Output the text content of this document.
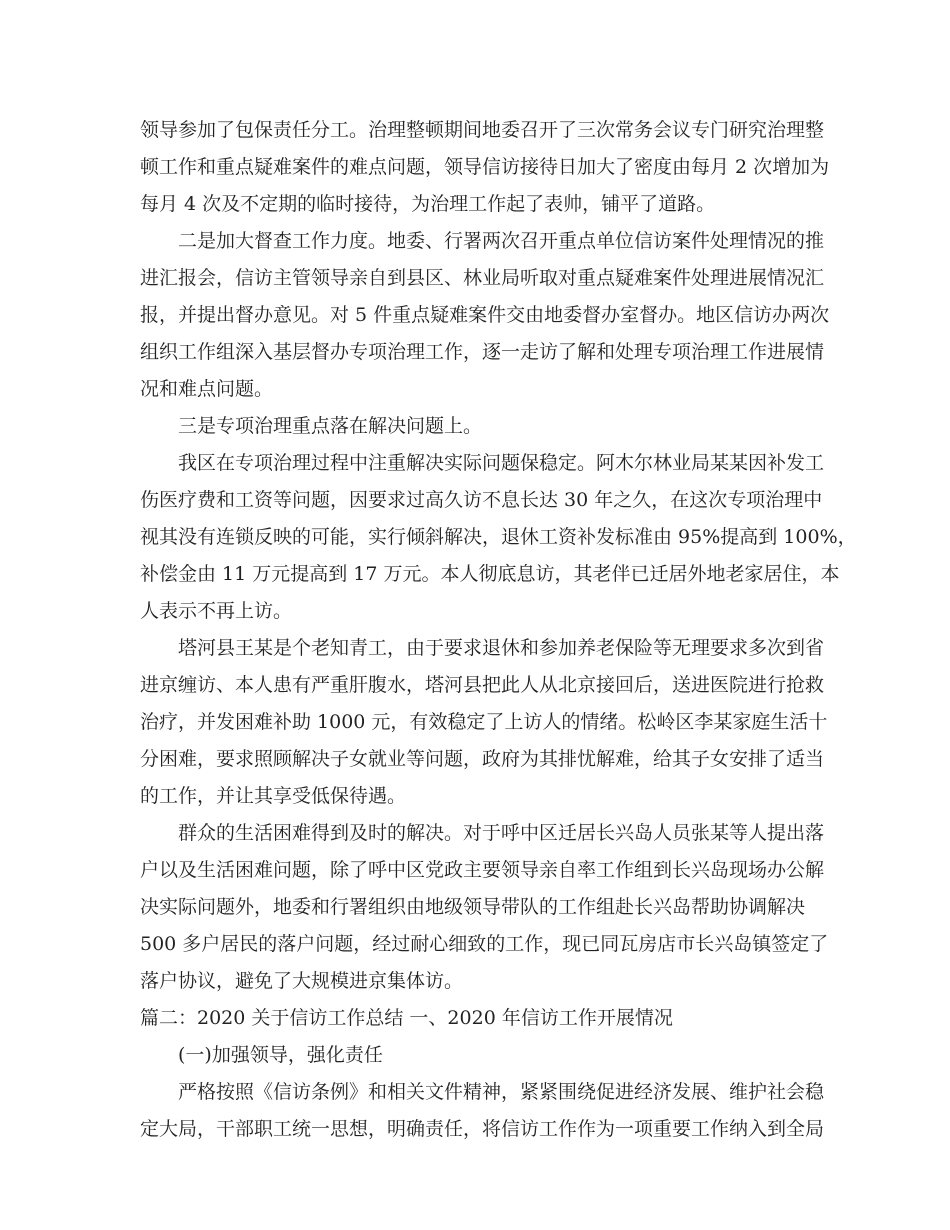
领导参加了包保责任分工。治理整顿期间地委召开了三次常务会议专门研究治理整
顿工作和重点疑难案件的难点问题，领导信访接待日加大了密度由每月 2 次增加为
每月 4 次及不定期的临时接待，为治理工作起了表帅，铺平了道路。
二是加大督查工作力度。地委、行署两次召开重点单位信访案件处理情况的推
进汇报会，信访主管领导亲自到县区、林业局听取对重点疑难案件处理进展情况汇
报，并提出督办意见。对 5 件重点疑难案件交由地委督办室督办。地区信访办两次
组织工作组深入基层督办专项治理工作，逐一走访了解和处理专项治理工作进展情
况和难点问题。
三是专项治理重点落在解决问题上。
我区在专项治理过程中注重解决实际问题保稳定。阿木尔林业局某某因补发工
伤医疗费和工资等问题，因要求过高久访不息长达 30 年之久，在这次专项治理中
视其没有连锁反映的可能，实行倾斜解决，退休工资补发标准由 95%提高到 100%，
补偿金由 11 万元提高到 17 万元。本人彻底息访，其老伴已迁居外地老家居住，本
人表示不再上访。
塔河县王某是个老知青工，由于要求退休和参加养老保险等无理要求多次到省
进京缠访、本人患有严重肝腹水，塔河县把此人从北京接回后，送进医院进行抢救
治疗，并发困难补助 1000 元，有效稳定了上访人的情绪。松岭区李某家庭生活十
分困难，要求照顾解决子女就业等问题，政府为其排忧解难，给其子女安排了适当
的工作，并让其享受低保待遇。
群众的生活困难得到及时的解决。对于呼中区迁居长兴岛人员张某等人提出落
户以及生活困难问题，除了呼中区党政主要领导亲自率工作组到长兴岛现场办公解
决实际问题外，地委和行署组织由地级领导带队的工作组赴长兴岛帮助协调解决
500 多户居民的落户问题，经过耐心细致的工作，现已同瓦房店市长兴岛镇签定了
落户协议，避免了大规模进京集体访。
篇二：2020 关于信访工作总结 一、2020 年信访工作开展情况
(一)加强领导，强化责任
严格按照《信访条例》和相关文件精神，紧紧围绕促进经济发展、维护社会稳
定大局，干部职工统一思想，明确责任，将信访工作作为一项重要工作纳入到全局
